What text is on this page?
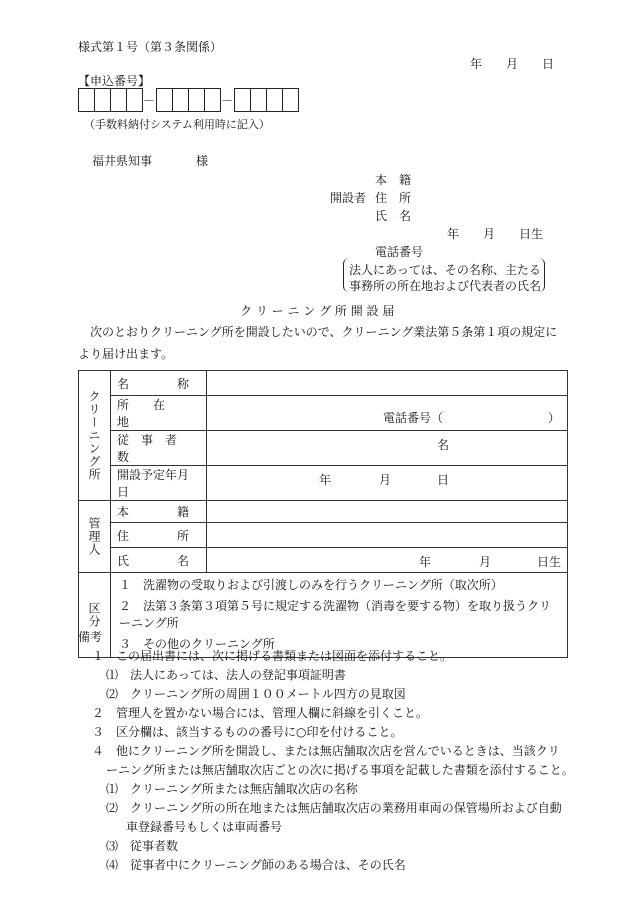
様式第１号（第３条関係）
年 月 日
【申込番号】
－	－
（手数料納付システム利用時に記入）
福井県知事	様
本　籍
開設者 住　所
氏　名
年 月 日生
電話番号
法人にあっては、その名称、主たる
事務所の所在地および代表者の氏名
ク リ ー ニ ン グ 所 開 設 届
　次のとおりクリーニング所を開設したいので、クリーニング業法第５条第１項の規定に
より届け出ます。
クリーニング所	名　　　　称	
	所　　在　　地	電話番号（ ）

	従　事　者　数	名

	開設予定年月日	年 月 日

管理人	本　　　　籍	
	住　　　　所	
	氏　　　　名	年 月 日生

区分	１　洗濯物の受取りおよび引渡しのみを行うクリーニング所（取次所）
２　法第３条第３項第５号に規定する洗濯物（消毒を要する物）を取り扱うクリーニング所
３　その他のクリーニング所	
備考
１　この届出書には、次に掲げる書類または図面を添付すること。
⑴　法人にあっては、法人の登記事項証明書
⑵　クリーニング所の周囲１００メートル四方の見取図
２　管理人を置かない場合には、管理人欄に斜線を引くこと。
３　区分欄は、該当するものの番号に○印を付けること。
４　他にクリーニング所を開設し、または無店舗取次店を営んでいるときは、当該クリ
ーニング所または無店舗取次店ごとの次に掲げる事項を記載した書類を添付すること。
⑴　クリーニング所または無店舗取次店の名称
⑵　クリーニング所の所在地または無店舗取次店の業務用車両の保管場所および自動
車登録番号もしくは車両番号
⑶　従事者数
⑷　従事者中にクリーニング師のある場合は、その氏名
